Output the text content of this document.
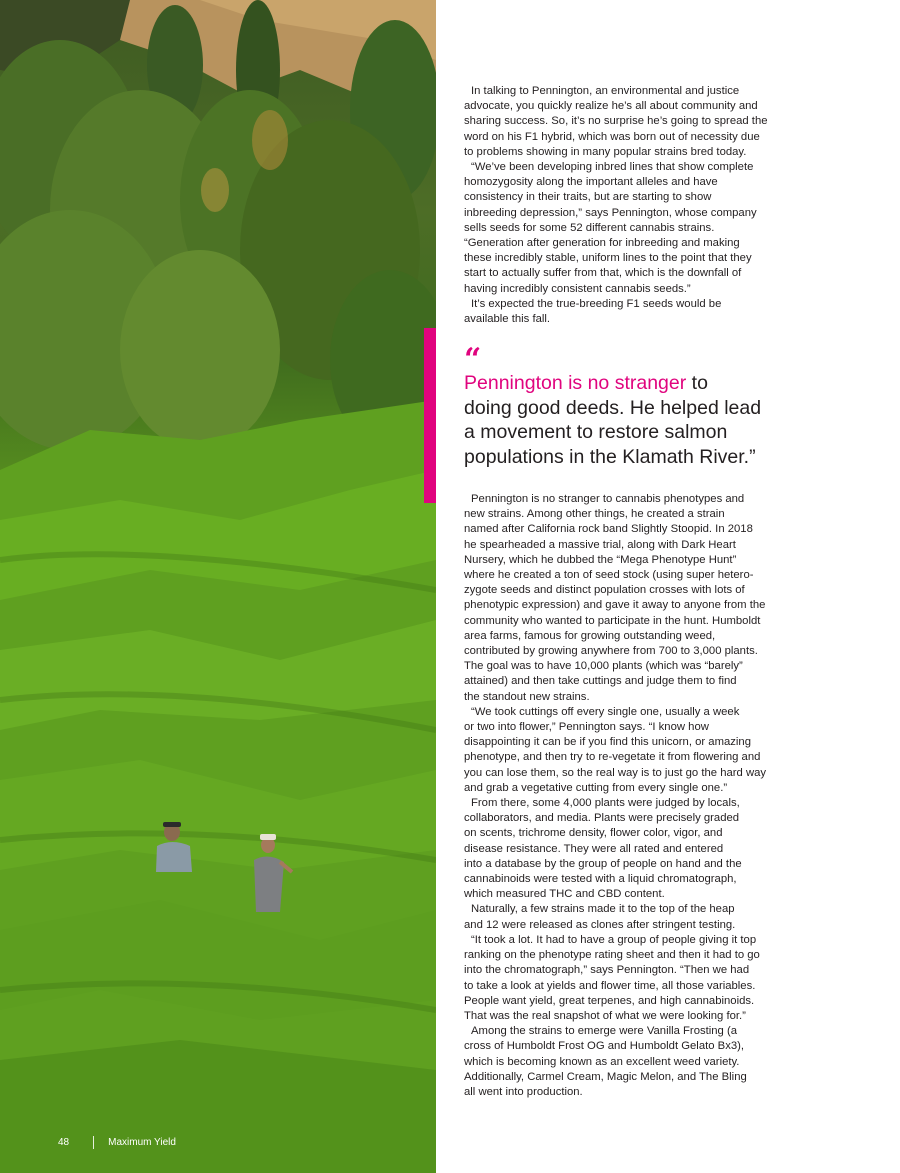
48	Maximum Yield

In talking to Pennington, an environmental and justice
advocate, you quickly realize he’s all about community and
sharing success. So, it’s no surprise he’s going to spread the
word on his F1 hybrid, which was born out of necessity due
to problems showing in many popular strains bred today.

“We’ve been developing inbred lines that show complete
homozygosity along the important alleles and have
consistency in their traits, but are starting to show
inbreeding depression,” says Pennington, whose company
sells seeds for some 52 different cannabis strains.
“Generation after generation for inbreeding and making
these incredibly stable, uniform lines to the point that they
start to actually suffer from that, which is the downfall of
having incredibly consistent cannabis seeds.”

It’s expected the true-breeding F1 seeds would be
available this fall.

“
Pennington is no stranger to
doing good deeds. He helped lead
a movement to restore salmon
populations in the Klamath River.”

Pennington is no stranger to cannabis phenotypes and
new strains. Among other things, he created a strain
named after California rock band Slightly Stoopid. In 2018
he spearheaded a massive trial, along with Dark Heart
Nursery, which he dubbed the “Mega Phenotype Hunt”
where he created a ton of seed stock (using super hetero-
zygote seeds and distinct population crosses with lots of
phenotypic expression) and gave it away to anyone from the
community who wanted to participate in the hunt. Humboldt
area farms, famous for growing outstanding weed,
contributed by growing anywhere from 700 to 3,000 plants.
The goal was to have 10,000 plants (which was “barely”
attained) and then take cuttings and judge them to find
the standout new strains.

“We took cuttings off every single one, usually a week
or two into flower,” Pennington says. “I know how
disappointing it can be if you find this unicorn, or amazing
phenotype, and then try to re-vegetate it from flowering and
you can lose them, so the real way is to just go the hard way
and grab a vegetative cutting from every single one.”

From there, some 4,000 plants were judged by locals,
collaborators, and media. Plants were precisely graded
on scents, trichrome density, flower color, vigor, and
disease resistance. They were all rated and entered
into a database by the group of people on hand and the
cannabinoids were tested with a liquid chromatograph,
which measured THC and CBD content.

Naturally, a few strains made it to the top of the heap
and 12 were released as clones after stringent testing.

“It took a lot. It had to have a group of people giving it top
ranking on the phenotype rating sheet and then it had to go
into the chromatograph,” says Pennington. “Then we had
to take a look at yields and flower time, all those variables.
People want yield, great terpenes, and high cannabinoids.
That was the real snapshot of what we were looking for.”

Among the strains to emerge were Vanilla Frosting (a
cross of Humboldt Frost OG and Humboldt Gelato Bx3),
which is becoming known as an excellent weed variety.
Additionally, Carmel Cream, Magic Melon, and The Bling
all went into production.
